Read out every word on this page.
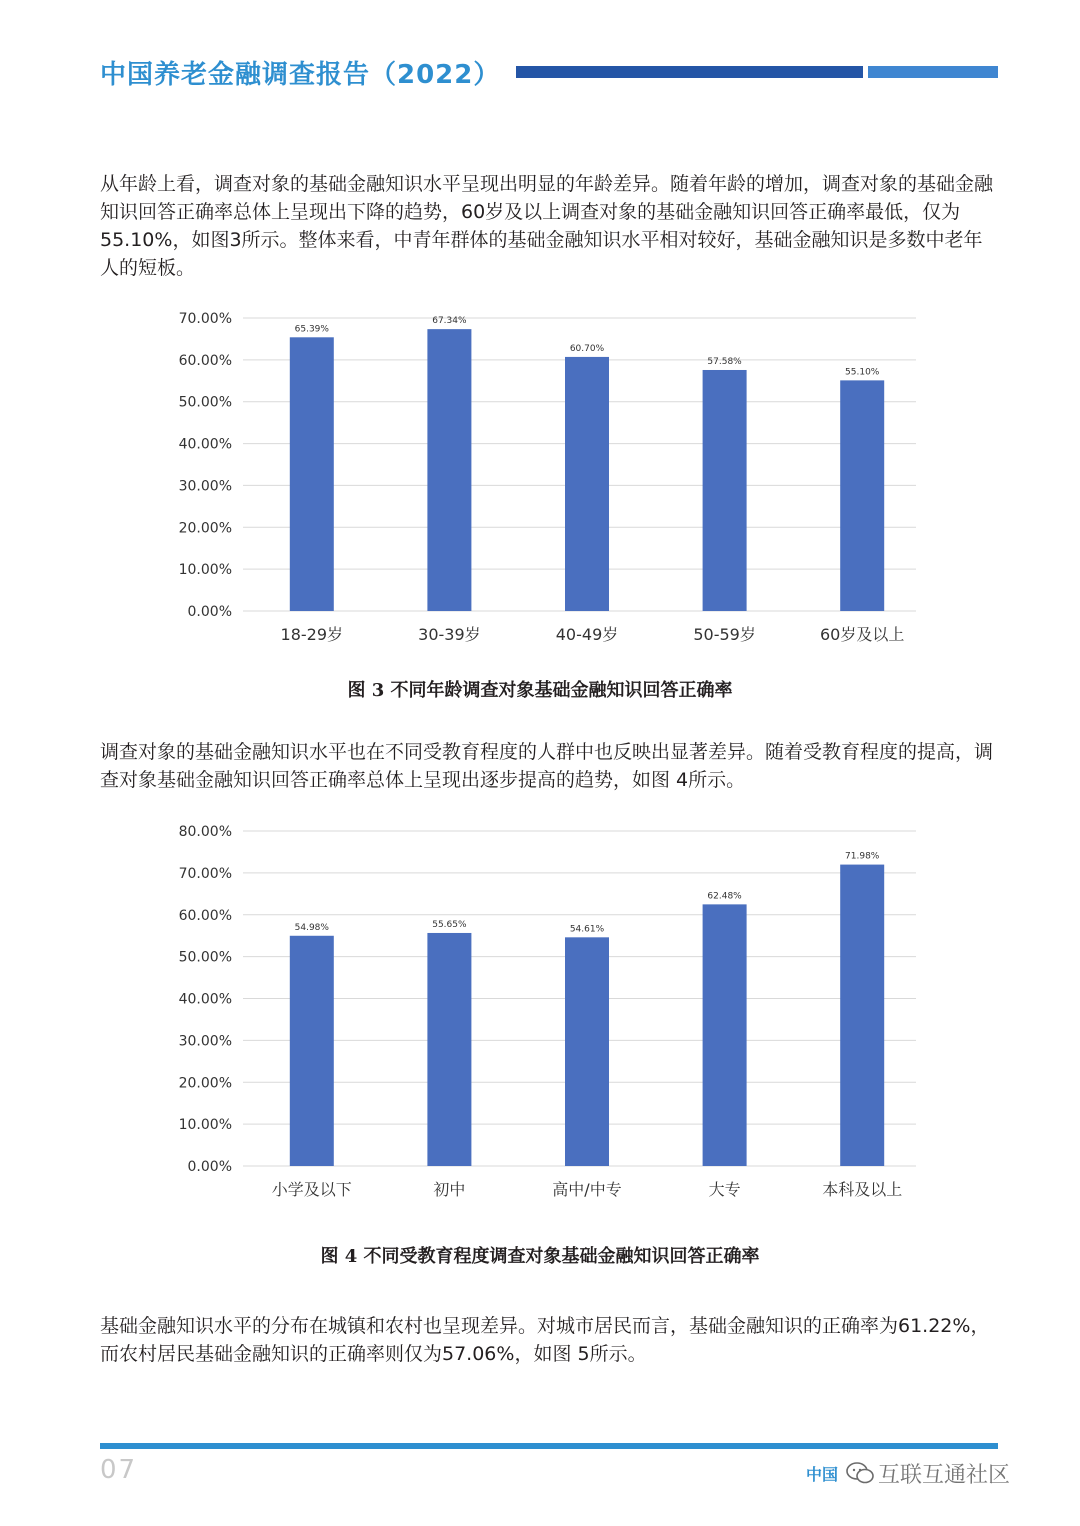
中国养老金融调查报告（2022）

从年龄上看，调查对象的基础金融知识水平呈现出明显的年龄差异。随着年龄的增加，调查对象的基础金融知识回答正确率总体上呈现出下降的趋势，60岁及以上调查对象的基础金融知识回答正确率最低，仅为55.10%，如图3所示。整体来看，中青年群体的基础金融知识水平相对较好，基础金融知识是多数中老年人的短板。

0.00%
10.00%
20.00%
30.00%
40.00%
50.00%
60.00%
70.00%
65.39%
18-29岁
67.34%
30-39岁
60.70%
40-49岁
57.58%
50-59岁
55.10%
60岁及以上
图 3 不同年龄调查对象基础金融知识回答正确率

调查对象的基础金融知识水平也在不同受教育程度的人群中也反映出显著差异。随着受教育程度的提高，调查对象基础金融知识回答正确率总体上呈现出逐步提高的趋势，如图 4所示。

0.00%
10.00%
20.00%
30.00%
40.00%
50.00%
60.00%
70.00%
80.00%
54.98%
小学及以下
55.65%
初中
54.61%
高中/中专
62.48%
大专
71.98%
本科及以上
图 4 不同受教育程度调查对象基础金融知识回答正确率

基础金融知识水平的分布在城镇和农村也呈现差异。对城市居民而言，基础金融知识的正确率为61.22%，而农村居民基础金融知识的正确率则仅为57.06%，如图 5所示。

07	中国 互联互通社区
